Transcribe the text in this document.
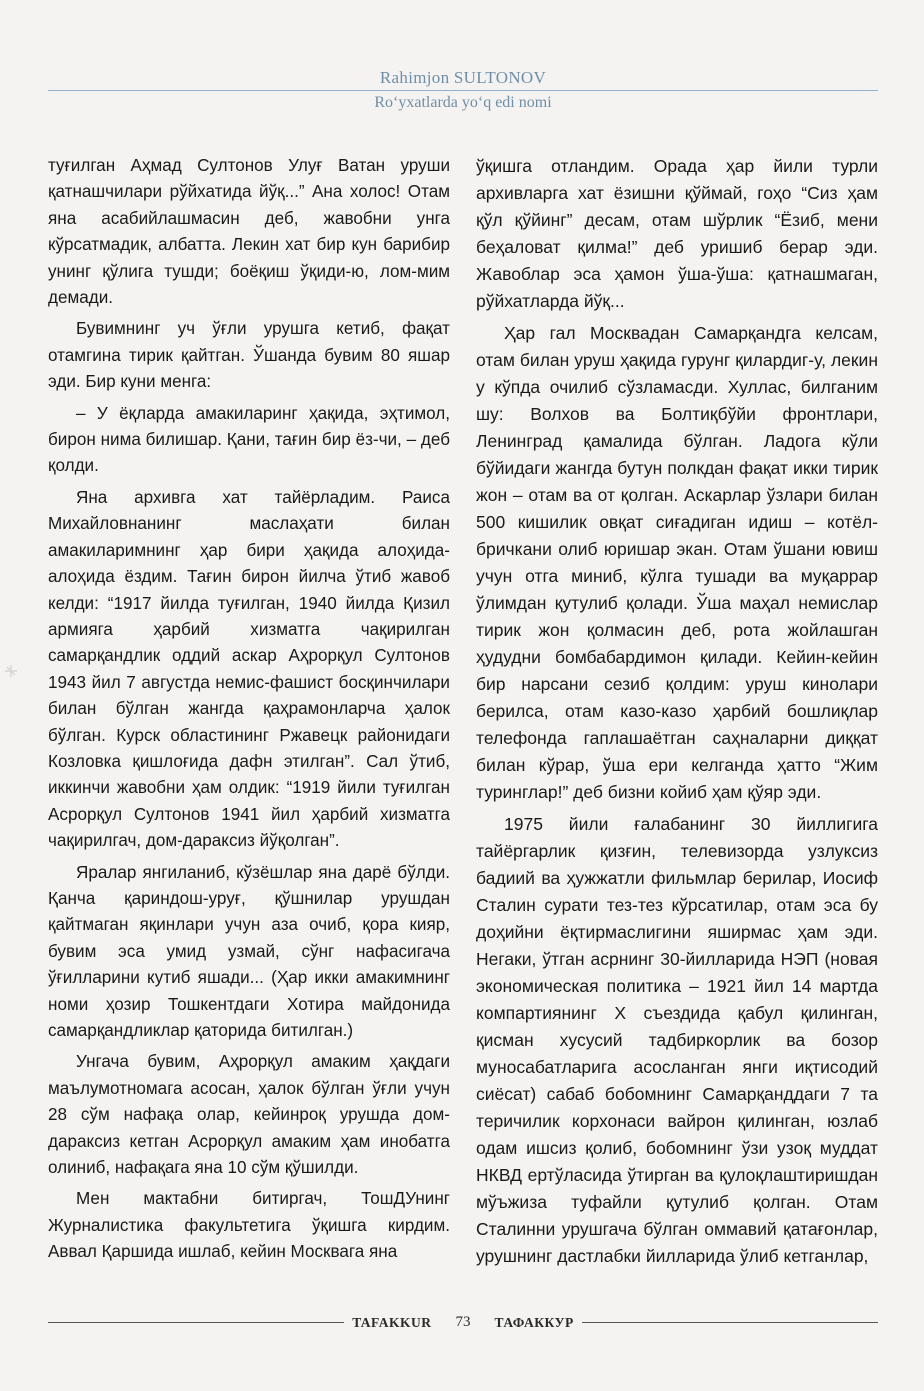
Rahimjon SULTONOV
Ro‘yxatlarda yo‘q edi nomi

туғилган Аҳмад Султонов Улуғ Ватан уруши қатнашчилари рўйхатида йўқ...” Ана холос! Отам яна асабийлашмасин деб, жавобни унга кўрсатмадик, албатта. Лекин хат бир кун барибир унинг қўлига тушди; боёқиш ўқиди-ю, лом-мим демади.

Бувимнинг уч ўғли урушга кетиб, фақат отамгина тирик қайтган. Ўшанда бувим 80 яшар эди. Бир куни менга:

– У ёқларда амакиларинг ҳақида, эҳтимол, бирон нима билишар. Қани, тағин бир ёз-чи, – деб қолди.

Яна архивга хат тайёрладим. Раиса Михайловнанинг маслаҳати билан амакиларимнинг ҳар бири ҳақида алоҳида-алоҳида ёздим. Тағин бирон йилча ўтиб жавоб келди: “1917 йилда туғилган, 1940 йилда Қизил армияга ҳарбий хизматга чақирилган самарқандлик оддий аскар Аҳрорқул Султонов 1943 йил 7 августда немис-фашист босқинчилари билан бўлган жангда қаҳрамонларча ҳалок бўлган. Курск областининг Ржавецк районидаги Козловка қишлоғида дафн этилган”. Сал ўтиб, иккинчи жавобни ҳам олдик: “1919 йили туғилган Асрорқул Султонов 1941 йил ҳарбий хизматга чақирилгач, дом-дараксиз йўқолган”.

Яралар янгиланиб, кўзёшлар яна дарё бўлди. Қанча қариндош-уруғ, қўшнилар урушдан қайтмаган яқинлари учун аза очиб, қора кияр, бувим эса умид узмай, сўнг нафасигача ўғилларини кутиб яшади... (Ҳар икки амакимнинг номи ҳозир Тошкентдаги Хотира майдонида самарқандликлар қаторида битилган.)

Унгача бувим, Аҳрорқул амаким ҳақдаги маълумотномага асосан, ҳалок бўлган ўғли учун 28 сўм нафақа олар, кейинроқ урушда дом-дараксиз кетган Асрорқул амаким ҳам инобатга олиниб, нафақага яна 10 сўм қўшилди.

Мен мактабни битиргач, ТошДУнинг Журналистика факультетига ўқишга кирдим. Аввал Қаршида ишлаб, кейин Москвага яна

ўқишга отландим. Орада ҳар йили турли архивларга хат ёзишни қўймай, гоҳо “Сиз ҳам қўл қўйинг” десам, отам шўрлик “Ёзиб, мени беҳаловат қилма!” деб уришиб берар эди. Жавоблар эса ҳамон ўша-ўша: қатнашмаган, рўйхатларда йўқ...

Ҳар гал Москвадан Самарқандга келсам, отам билан уруш ҳақида гурунг қилардиг-у, лекин у кўпда очилиб сўзламасди. Хуллас, билганим шу: Волхов ва Болтиқбўйи фронтлари, Ленинград қамалида бўлган. Ладога кўли бўйидаги жангда бутун полкдан фақат икки тирик жон – отам ва от қолган. Аскарлар ўзлари билан 500 кишилик овқат сиғадиган идиш – котёл-бричкани олиб юришар экан. Отам ўшани ювиш учун отга миниб, кўлга тушади ва муқаррар ўлимдан қутулиб қолади. Ўша маҳал немислар тирик жон қолмасин деб, рота жойлашган ҳудудни бомбабардимон қилади. Кейин-кейин бир нарсани сезиб қолдим: уруш кинолари берилса, отам казо-казо ҳарбий бошлиқлар телефонда гаплашаётган саҳналарни диққат билан кўрар, ўша ери келганда ҳатто “Жим туринглар!” деб бизни койиб ҳам қўяр эди.

1975 йили ғалабанинг 30 йиллигига тайёргарлик қизғин, телевизорда узлуксиз бадиий ва ҳужжатли фильмлар берилар, Иосиф Сталин сурати тез-тез кўрсатилар, отам эса бу доҳийни ёқтирмаслигини яширмас ҳам эди. Негаки, ўтган асрнинг 30-йилларида НЭП (новая экономическая политика – 1921 йил 14 мартда компартиянинг X съездида қабул қилинган, қисман хусусий тадбиркорлик ва бозор муносабатларига асосланган янги иқтисодий сиёсат) сабаб бобомнинг Самарқанддаги 7 та теричилик корхонаси вайрон қилинган, юзлаб одам ишсиз қолиб, бобомнинг ўзи узоқ муддат НКВД ертўласида ўтирган ва қулоқлаштиришдан мўъжиза туфайли қутулиб қолган. Отам Сталинни урушгача бўлган оммавий қатағонлар, урушнинг дастлабки йилларида ўлиб кетганлар,

TAFAKKUR	73	ТАФАККУР
